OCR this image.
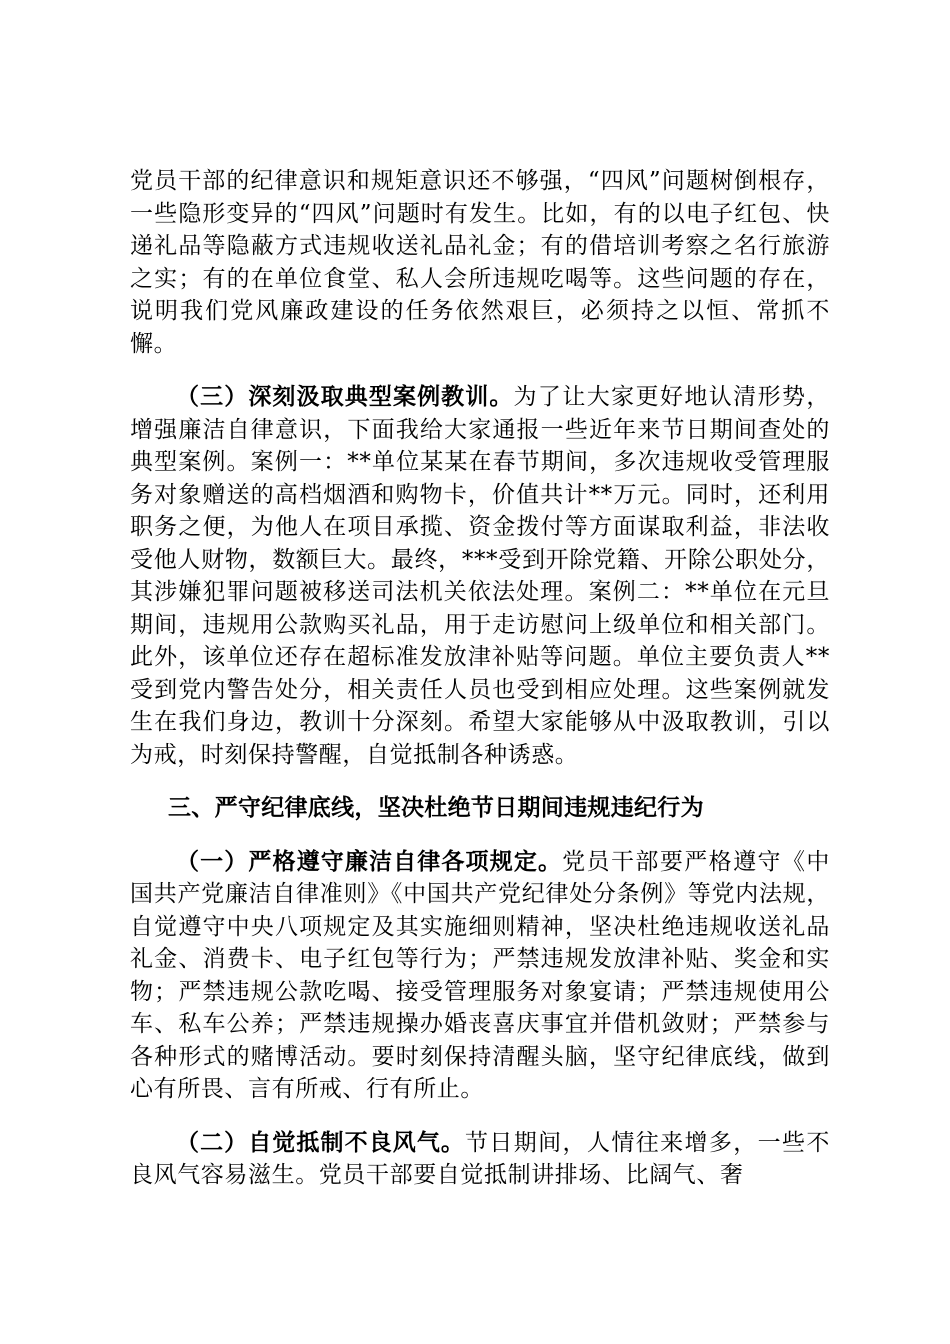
党员干部的纪律意识和规矩意识还不够强，“四风”问题树倒根存，一些隐形变异的“四风”问题时有发生。比如，有的以电子红包、快递礼品等隐蔽方式违规收送礼品礼金；有的借培训考察之名行旅游之实；有的在单位食堂、私人会所违规吃喝等。这些问题的存在，说明我们党风廉政建设的任务依然艰巨，必须持之以恒、常抓不懈。

（三）深刻汲取典型案例教训。为了让大家更好地认清形势，增强廉洁自律意识，下面我给大家通报一些近年来节日期间查处的典型案例。案例一：**单位某某在春节期间，多次违规收受管理服务对象赠送的高档烟酒和购物卡，价值共计**万元。同时，还利用职务之便，为他人在项目承揽、资金拨付等方面谋取利益，非法收受他人财物，数额巨大。最终，***受到开除党籍、开除公职处分，其涉嫌犯罪问题被移送司法机关依法处理。案例二：**单位在元旦期间，违规用公款购买礼品，用于走访慰问上级单位和相关部门。此外，该单位还存在超标准发放津补贴等问题。单位主要负责人**受到党内警告处分，相关责任人员也受到相应处理。这些案例就发生在我们身边，教训十分深刻。希望大家能够从中汲取教训，引以为戒，时刻保持警醒，自觉抵制各种诱惑。

三、严守纪律底线，坚决杜绝节日期间违规违纪行为

（一）严格遵守廉洁自律各项规定。党员干部要严格遵守《中国共产党廉洁自律准则》《中国共产党纪律处分条例》等党内法规，自觉遵守中央八项规定及其实施细则精神，坚决杜绝违规收送礼品礼金、消费卡、电子红包等行为；严禁违规发放津补贴、奖金和实物；严禁违规公款吃喝、接受管理服务对象宴请；严禁违规使用公车、私车公养；严禁违规操办婚丧喜庆事宜并借机敛财；严禁参与各种形式的赌博活动。要时刻保持清醒头脑，坚守纪律底线，做到心有所畏、言有所戒、行有所止。

（二）自觉抵制不良风气。节日期间，人情往来增多，一些不良风气容易滋生。党员干部要自觉抵制讲排场、比阔气、奢
